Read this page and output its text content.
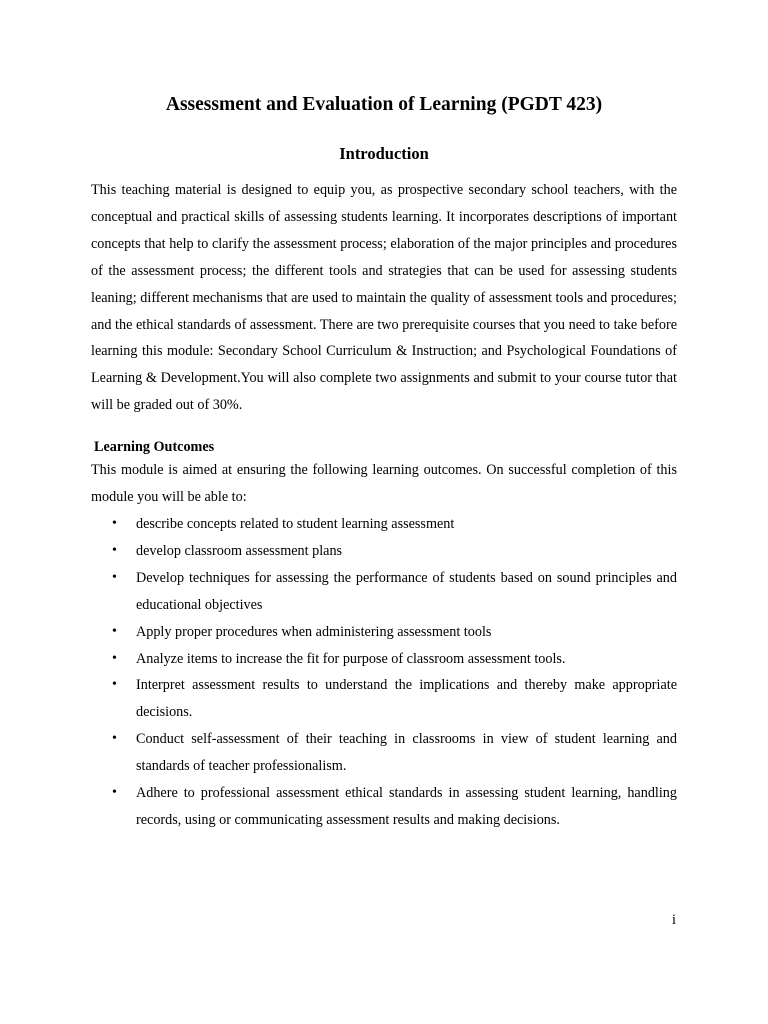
Assessment and Evaluation of Learning (PGDT 423)
Introduction

This teaching material is designed to equip you, as prospective secondary school teachers, with the conceptual and practical skills of assessing students learning. It incorporates descriptions of important concepts that help to clarify the assessment process; elaboration of the major principles and procedures of the assessment process; the different tools and strategies that can be used for assessing students leaning; different mechanisms that are used to maintain the quality of assessment tools and procedures; and the ethical standards of assessment. There are two prerequisite courses that you need to take before learning this module: Secondary School Curriculum & Instruction; and Psychological Foundations of Learning & Development.You will also complete two assignments and submit to your course tutor that will be graded out of 30%.

Learning Outcomes

This module is aimed at ensuring the following learning outcomes. On successful completion of this module you will be able to:

• describe concepts related to student learning assessment
• develop classroom assessment plans
• Develop techniques for assessing the performance of students based on sound principles and educational objectives
• Apply proper procedures when administering assessment tools
• Analyze items to increase the fit for purpose of classroom assessment tools.
• Interpret assessment results to understand the implications and thereby make appropriate decisions.
• Conduct self-assessment of their teaching in classrooms in view of student learning and standards of teacher professionalism.
• Adhere to professional assessment ethical standards in assessing student learning, handling records, using or communicating assessment results and making decisions.

i
